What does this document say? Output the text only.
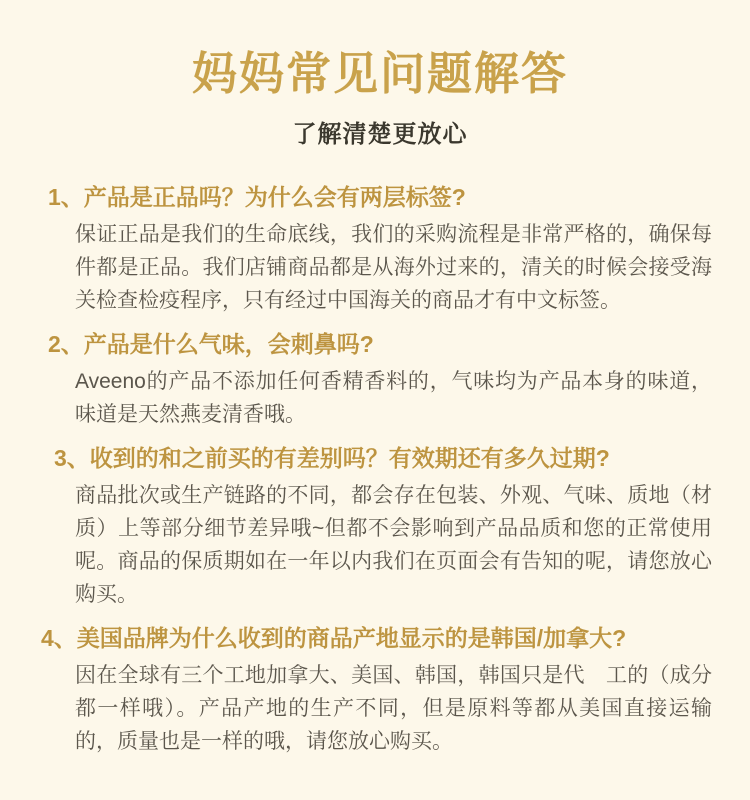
妈妈常见问题解答
了解清楚更放心
1、产品是正品吗？为什么会有两层标签?

保证正品是我们的生命底线，我们的采购流程是非常严格的，确保每件都是正品。我们店铺商品都是从海外过来的，清关的时候会接受海关检查检疫程序，只有经过中国海关的商品才有中文标签。

2、产品是什么气味，会刺鼻吗?

Aveeno的产品不添加任何香精香料的，气味均为产品本身的味道，味道是天然燕麦清香哦。

3、收到的和之前买的有差别吗？有效期还有多久过期?

商品批次或生产链路的不同，都会存在包装、外观、气味、质地（材质）上等部分细节差异哦~但都不会影响到产品品质和您的正常使用呢。商品的保质期如在一年以内我们在页面会有告知的呢，请您放心购买。

4、美国品牌为什么收到的商品产地显示的是韩国/加拿大?

因在全球有三个工地加拿大、美国、韩国，韩国只是代　工的（成分都一样哦）。产品产地的生产不同，但是原料等都从美国直接运输的，质量也是一样的哦，请您放心购买。
